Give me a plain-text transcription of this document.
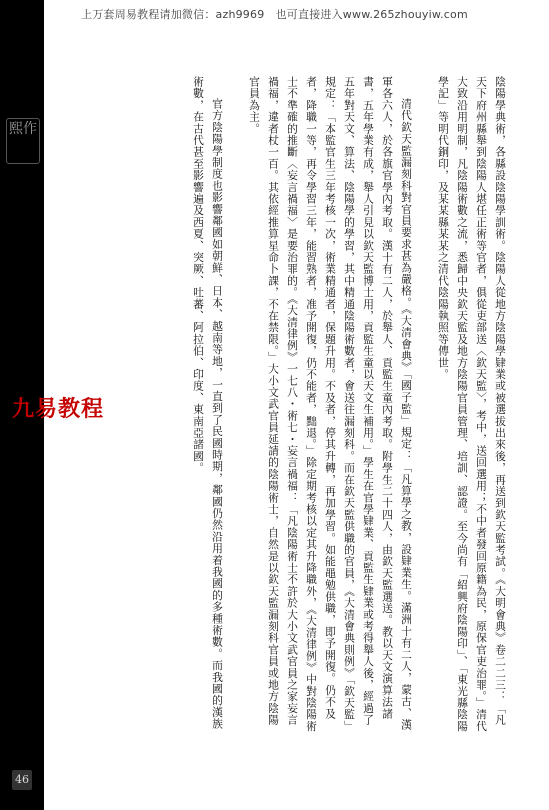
上万套周易教程请加微信：azh9969　也可直接进入www.265zhouyiw.com
熙作
46

陰陽學典術，各縣設陰陽學訓術。陰陽人從地方陰陽學肄業或被選拔出來後，再送到欽天監考試。《大明會典》卷二二三：「凡天下府州縣舉到陰陽人堪任正術等官者，俱從吏部送〈欽天監〉，考中，送回選用；不中者發回原籍為民，原保官吏治罪。」清代大致沿用明制，凡陰陽術數之流，悉歸中央欽天監及地方陰陽官員管理、培訓、認證。至今尚有「紹興府陰陽印」、「東光縣陰陽學記」等明代銅印，及某某縣某某之清代陰陽執照等傳世。

清代欽天監漏刻科對官員要求甚為嚴格。《大清會典》「國子監」規定：「凡算學之教，設肄業生。滿洲十有二人，蒙古、漢軍各六人，於各旗官學內考取。漢十有二人，於舉人、貢監生童內考取。附學生二十四人，由欽天監選送。教以天文演算法諸書，五年學業有成，舉人引見以欽天監博士用，貢監生童以天文生補用。」學生在官學肄業、貢監生肄業或考得舉人後，經過了五年對天文、算法、陰陽學的學習，其中精通陰陽術數者，會送往漏刻科。而在欽天監供職的官員，《大清會典則例》「欽天監」規定：「本監官生三年考核一次，術業精通者，保題升用。不及者，停其升轉，再加學習。如能黽勉供職，即予開復。仍不及者，降職一等，再令學習三年，能習熟者，准予開復，仍不能者，黜退。」除定期考核以定其升降職外，《大清律例》中對陰陽術士不準確的推斷〈妄言禍福〉是要治罪的。《大清律例》一七八・術七・妄言禍福：「凡陰陽術士不許於大小文武官員之家妄言禍福，違者杖一百。其依經推算星命卜課，不在禁限。」大小文武官員延請的陰陽術士，自然是以欽天監漏刻科官員或地方陰陽官員為主。

官方陰陽學制度也影響鄰國如朝鮮、日本、越南等地，一直到了民國時期，鄰國仍然沿用着我國的多種術數。而我國的漢族術數，在古代甚至影響遍及西夏、突厥、吐蕃、阿拉伯、印度、東南亞諸國。

九易教程
